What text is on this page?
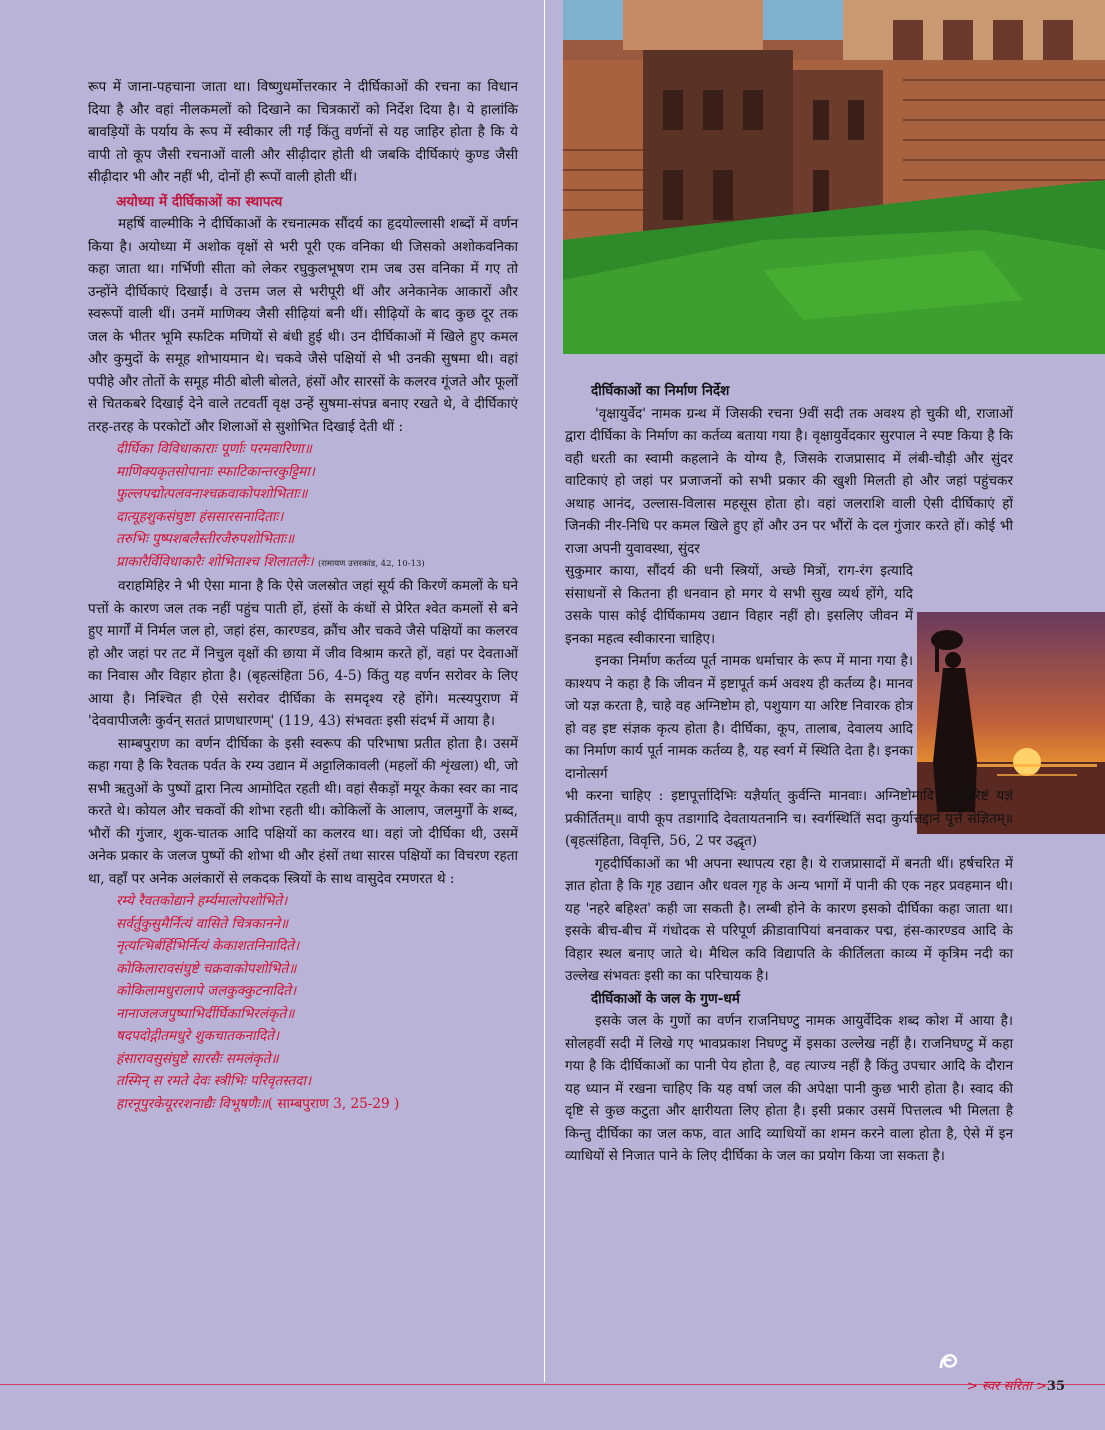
रूप में जाना-पहचाना जाता था। विष्णुधर्मोत्तरकार ने दीर्घिकाओं की रचना का विधान दिया है और वहां नीलकमलों को दिखाने का चित्रकारों को निर्देश दिया है। ये हालांकि बावड़ियों के पर्याय के रूप में स्वीकार ली गईं किंतु वर्णनों से यह जाहिर होता है कि ये वापी तो कूप जैसी रचनाओं वाली और सीढ़ीदार होती थी जबकि दीर्घिकाएं कुण्ड जैसी सीढ़ीदार भी और नहीं भी, दोनों ही रूपों वाली होती थीं।

अयोध्या में दीर्घिकाओं का स्थापत्य

महर्षि वाल्मीकि ने दीर्घिकाओं के रचनात्मक सौंदर्य का हृदयोल्लासी शब्दों में वर्णन किया है। अयोध्या में अशोक वृक्षों से भरी पूरी एक वनिका थी जिसको अशोकवनिका कहा जाता था। गर्भिणी सीता को लेकर रघुकुलभूषण राम जब उस वनिका में गए तो उन्होंने दीर्घिकाएं दिखाईं। वे उत्तम जल से भरीपूरी थीं और अनेकानेक आकारों और स्वरूपों वाली थीं। उनमें माणिक्य जैसी सीढ़ियां बनी थीं। सीढ़ियों के बाद कुछ दूर तक जल के भीतर भूमि स्फटिक मणियों से बंधी हुई थी। उन दीर्घिकाओं में खिले हुए कमल और कुमुदों के समूह शोभायमान थे। चकवे जैसे पक्षियों से भी उनकी सुषमा थी। वहां पपीहे और तोतों के समूह मीठी बोली बोलते, हंसों और सारसों के कलरव गूंजते और फूलों से चितकबरे दिखाई देने वाले तटवर्ती वृक्ष उन्हें सुषमा-संपन्न बनाए रखते थे, वे दीर्घिकाएं तरह-तरह के परकोटों और शिलाओं से सुशोभित दिखाई देती थीं :

दीर्घिका विविधाकाराः पूर्णाः परमवारिणा॥
माणिक्यकृतसोपानाः स्फाटिकान्तरकुट्टिमा।
फुल्लपद्मोत्पलवनाश्चक्रवाकोपशोभिताः॥
दात्यूहशुकसंघुष्टा हंससारसनादिताः।
तरुभिः पुष्पशबलैस्तीरजैरुपशोभिताः॥
प्राकारैर्विविधाकारैः शोभिताश्च शिलातलैः। (रामायण उत्तरकांड, 42, 10-13)

वराहमिहिर ने भी ऐसा माना है कि ऐसे जलस्रोत जहां सूर्य की किरणें कमलों के घने पत्तों के कारण जल तक नहीं पहुंच पाती हों, हंसों के कंधों से प्रेरित श्वेत कमलों से बने हुए मार्गों में निर्मल जल हो, जहां हंस, कारण्डव, क्रौंच और चकवे जैसे पक्षियों का कलरव हो और जहां पर तट में निचुल वृक्षों की छाया में जीव विश्राम करते हों, वहां पर देवताओं का निवास और विहार होता है। (बृहत्संहिता 56, 4-5) किंतु यह वर्णन सरोवर के लिए आया है। निश्चित ही ऐसे सरोवर दीर्घिका के समदृश्य रहे होंगे। मत्स्यपुराण में 'देववापीजलैः कुर्वन् सततं प्राणधारणम्' (119, 43) संभवतः इसी संदर्भ में आया है।

साम्बपुराण का वर्णन दीर्घिका के इसी स्वरूप की परिभाषा प्रतीत होता है। उसमें कहा गया है कि रैवतक पर्वत के रम्य उद्यान में अट्टालिकावली (महलों की शृंखला) थी, जो सभी ऋतुओं के पुष्पों द्वारा नित्य आमोदित रहती थी। वहां सैकड़ों मयूर केका स्वर का नाद करते थे। कोयल और चकवों की शोभा रहती थी। कोकिलों के आलाप, जलमुर्गों के शब्द, भौरों की गुंजार, शुक-चातक आदि पक्षियों का कलरव था। वहां जो दीर्घिका थी, उसमें अनेक प्रकार के जलज पुष्पों की शोभा थी और हंसों तथा सारस पक्षियों का विचरण रहता था, वहाँ पर अनेक अलंकारों से लकदक स्त्रियों के साथ वासुदेव रमणरत थे :

रम्ये रैवतकोद्याने हर्म्यमालोपशोभिते।
सर्वर्तुकुसुमैर्नित्यं वासिते चित्रकानने॥
नृत्यत्भिर्बर्हिभिर्नित्यं केकाशतनिनादिते।
कोकिलारावसंघुष्टे चक्रवाकोपशोभिते॥
कोकिलामधुरालापे जलकुक्कुटनादिते।
नानाजलजपुष्पाभिर्दीर्घिकाभिरलंकृते॥
षदपदोद्गीतमधुरे शुकचातकनादिते।
हंसारावसुसंघुष्टे सारसैः समलंकृते॥
तस्मिन् स रमते देवः स्त्रीभिः परिवृतस्तदा।
हारनूपुरकेयूररशनाद्यैः विभूषणैः॥( साम्बपुराण 3, 25-29 )
दीर्घिकाओं का निर्माण निर्देश

'वृक्षायुर्वेद' नामक ग्रन्थ में जिसकी रचना 9वीं सदी तक अवश्य हो चुकी थी, राजाओं द्वारा दीर्घिका के निर्माण का कर्तव्य बताया गया है। वृक्षायुर्वेदकार सुरपाल ने स्पष्ट किया है कि वही धरती का स्वामी कहलाने के योग्य है, जिसके राजप्रासाद में लंबी-चौड़ी और सुंदर वाटिकाएं हो जहां पर प्रजाजनों को सभी प्रकार की खुशी मिलती हो और जहां पहुंचकर अथाह आनंद, उल्लास-विलास महसूस होता हो। वहां जलराशि वाली ऐसी दीर्घिकाएं हों जिनकी नीर-निधि पर कमल खिले हुए हों और उन पर भौंरों के दल गुंजार करते हों। कोई भी राजा अपनी युवावस्था, सुंदर

सुकुमार काया, सौंदर्य की धनी स्त्रियों, अच्छे मित्रों, राग-रंग इत्यादि संसाधनों से कितना ही धनवान हो मगर ये सभी सुख व्यर्थ होंगे, यदि उसके पास कोई दीर्घिकामय उद्यान विहार नहीं हो। इसलिए जीवन में इनका महत्व स्वीकारना चाहिए।

इनका निर्माण कर्तव्य पूर्त नामक धर्माचार के रूप में माना गया है। काश्यप ने कहा है कि जीवन में इष्टापूर्त कर्म अवश्य ही कर्तव्य है। मानव जो यज्ञ करता है, चाहे वह अग्निष्टोम हो, पशुयाग या अरिष्ट निवारक होत्र हो वह इष्ट संज्ञक कृत्य होता है। दीर्घिका, कूप, तालाब, देवालय आदि का निर्माण कार्य पूर्त नामक कर्तव्य है, यह स्वर्ग में स्थिति देता है। इनका दानोत्सर्ग

भी करना चाहिए : इष्टापूर्त्तादिभिः यज्ञैर्यात् कुर्वन्ति मानवाः। अग्निष्टोमादि पशुभिरिष्टं यज्ञं प्रकीर्तितम्॥ वापी कूप तडागादि देवतायतनानि च। स्वर्गस्थितिं सदा कुर्यात्तद्दानं पूर्त्तं संज्ञितम्॥ (बृहत्संहिता, विवृत्ति, 56, 2 पर उद्धृत)

गृहदीर्घिकाओं का भी अपना स्थापत्य रहा है। ये राजप्रासादों में बनती थीं। हर्षचरित में ज्ञात होता है कि गृह उद्यान और धवल गृह के अन्य भागों में पानी की एक नहर प्रवहमान थी। यह 'नहरे बहिश्त' कही जा सकती है। लम्बी होने के कारण इसको दीर्घिका कहा जाता था। इसके बीच-बीच में गंधोदक से परिपूर्ण क्रीडावापियां बनवाकर पद्म, हंस-कारण्डव आदि के विहार स्थल बनाए जाते थे। मैथिल कवि विद्यापति के कीर्तिलता काव्य में कृत्रिम नदी का उल्लेख संभवतः इसी का का परिचायक है।

दीर्घिकाओं के जल के गुण-धर्म

इसके जल के गुणों का वर्णन राजनिघण्टु नामक आयुर्वेदिक शब्द कोश में आया है। सोलहवीं सदी में लिखे गए भावप्रकाश निघण्टु में इसका उल्लेख नहीं है। राजनिघण्टु में कहा गया है कि दीर्घिकाओं का पानी पेय होता है, वह त्याज्य नहीं है किंतु उपचार आदि के दौरान यह ध्यान में रखना चाहिए कि यह वर्षा जल की अपेक्षा पानी कुछ भारी होता है। स्वाद की दृष्टि से कुछ कटुता और क्षारीयता लिए होता है। इसी प्रकार उसमें पित्तलत्व भी मिलता है किन्तु दीर्घिका का जल कफ, वात आदि व्याधियों का शमन करने वाला होता है, ऐसे में इन व्याधियों से निजात पाने के लिए दीर्घिका के जल का प्रयोग किया जा सकता है।

> स्वर सरिता >35
